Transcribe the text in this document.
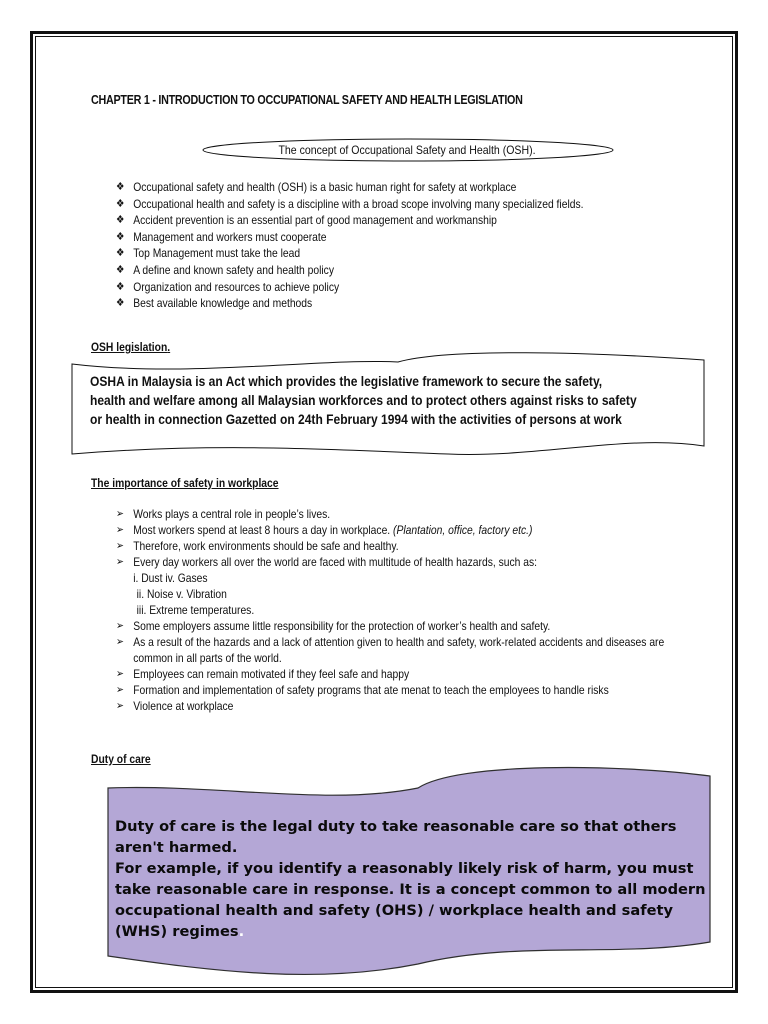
CHAPTER 1 - INTRODUCTION TO OCCUPATIONAL SAFETY AND HEALTH LEGISLATION
The concept of Occupational Safety and Health (OSH).
❖ Occupational safety and health (OSH) is a basic human right for safety at workplace
❖ Occupational health and safety is a discipline with a broad scope involving many specialized fields.
❖ Accident prevention is an essential part of good management and workmanship
❖ Management and workers must cooperate
❖ Top Management must take the lead
❖ A define and known safety and health policy
❖ Organization and resources to achieve policy
❖ Best available knowledge and methods
OSH legislation.
OSHA in Malaysia is an Act which provides the legislative framework to secure the safety, health and welfare among all Malaysian workforces and to protect others against risks to safety or health in connection Gazetted on 24th February 1994 with the activities of persons at work
The importance of safety in workplace
➢ Works plays a central role in people’s lives.
➢ Most workers spend at least 8 hours a day in workplace. (Plantation, office, factory etc.)
➢ Therefore, work environments should be safe and healthy.
➢ Every day workers all over the world are faced with multitude of health hazards, such as:
i. Dust iv. Gases
ii. Noise v. Vibration
iii. Extreme temperatures.
➢ Some employers assume little responsibility for the protection of worker’s health and safety.
➢ As a result of the hazards and a lack of attention given to health and safety, work-related accidents and diseases are common in all parts of the world.
➢ Employees can remain motivated if they feel safe and happy
➢ Formation and implementation of safety programs that ate menat to teach the employees to handle risks
➢ Violence at workplace
Duty of care
Duty of care is the legal duty to take reasonable care so that others aren't harmed.
For example, if you identify a reasonably likely risk of harm, you must take reasonable care in response. It is a concept common to all modern occupational health and safety (OHS) / workplace health and safety (WHS) regimes.
